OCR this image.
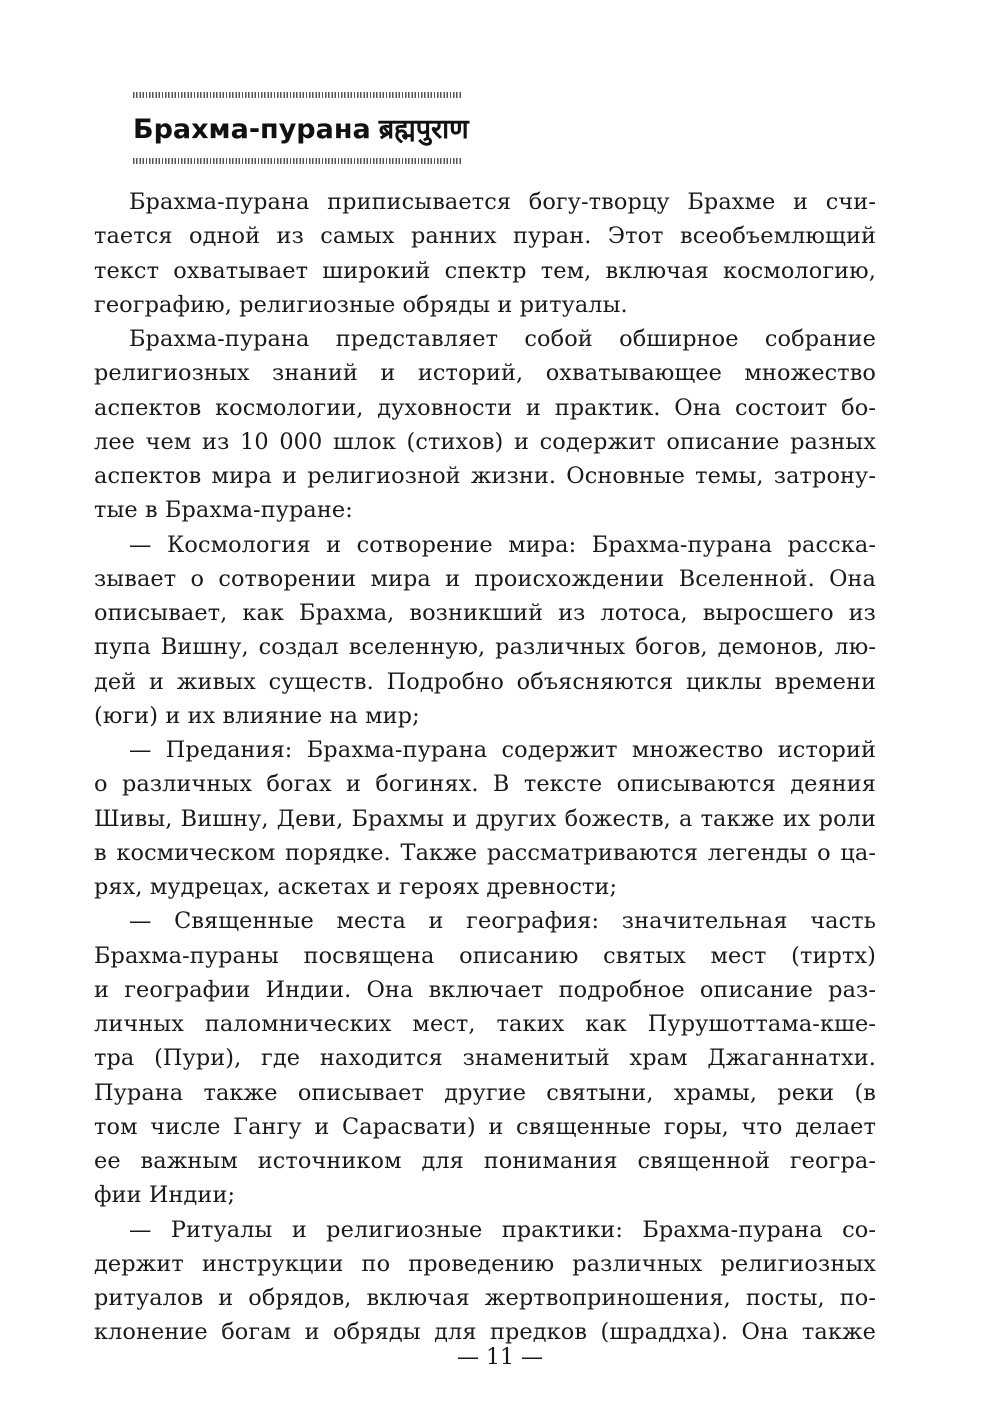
Брахма-пурана ब्रह्मपुराण
Брахма-пурана приписывается богу-творцу Брахме и счи-
тается одной из самых ранних пуран. Этот всеобъемлющий
текст охватывает широкий спектр тем, включая космологию,
географию, религиозные обряды и ритуалы.
Брахма-пурана представляет собой обширное собрание
религиозных знаний и историй, охватывающее множество
аспектов космологии, духовности и практик. Она состоит бо-
лее чем из 10 000 шлок (стихов) и содержит описание разных
аспектов мира и религиозной жизни. Основные темы, затрону-
тые в Брахма-пуране:
— Космология и сотворение мира: Брахма-пурана расска-
зывает о сотворении мира и происхождении Вселенной. Она
описывает, как Брахма, возникший из лотоса, выросшего из
пупа Вишну, создал вселенную, различных богов, демонов, лю-
дей и живых существ. Подробно объясняются циклы времени
(юги) и их влияние на мир;
— Предания: Брахма-пурана содержит множество историй
о различных богах и богинях. В тексте описываются деяния
Шивы, Вишну, Деви, Брахмы и других божеств, а также их роли
в космическом порядке. Также рассматриваются легенды о ца-
рях, мудрецах, аскетах и героях древности;
— Священные места и география: значительная часть
Брахма-пураны посвящена описанию святых мест (тиртх)
и географии Индии. Она включает подробное описание раз-
личных паломнических мест, таких как Пурушоттама-кше-
тра (Пури), где находится знаменитый храм Джаганнатхи.
Пурана также описывает другие святыни, храмы, реки (в
том числе Гангу и Сарасвати) и священные горы, что делает
ее важным источником для понимания священной геогра-
фии Индии;
— Ритуалы и религиозные практики: Брахма-пурана со-
держит инструкции по проведению различных религиозных
ритуалов и обрядов, включая жертвоприношения, посты, по-
клонение богам и обряды для предков (шраддха). Она также
— 11 —
